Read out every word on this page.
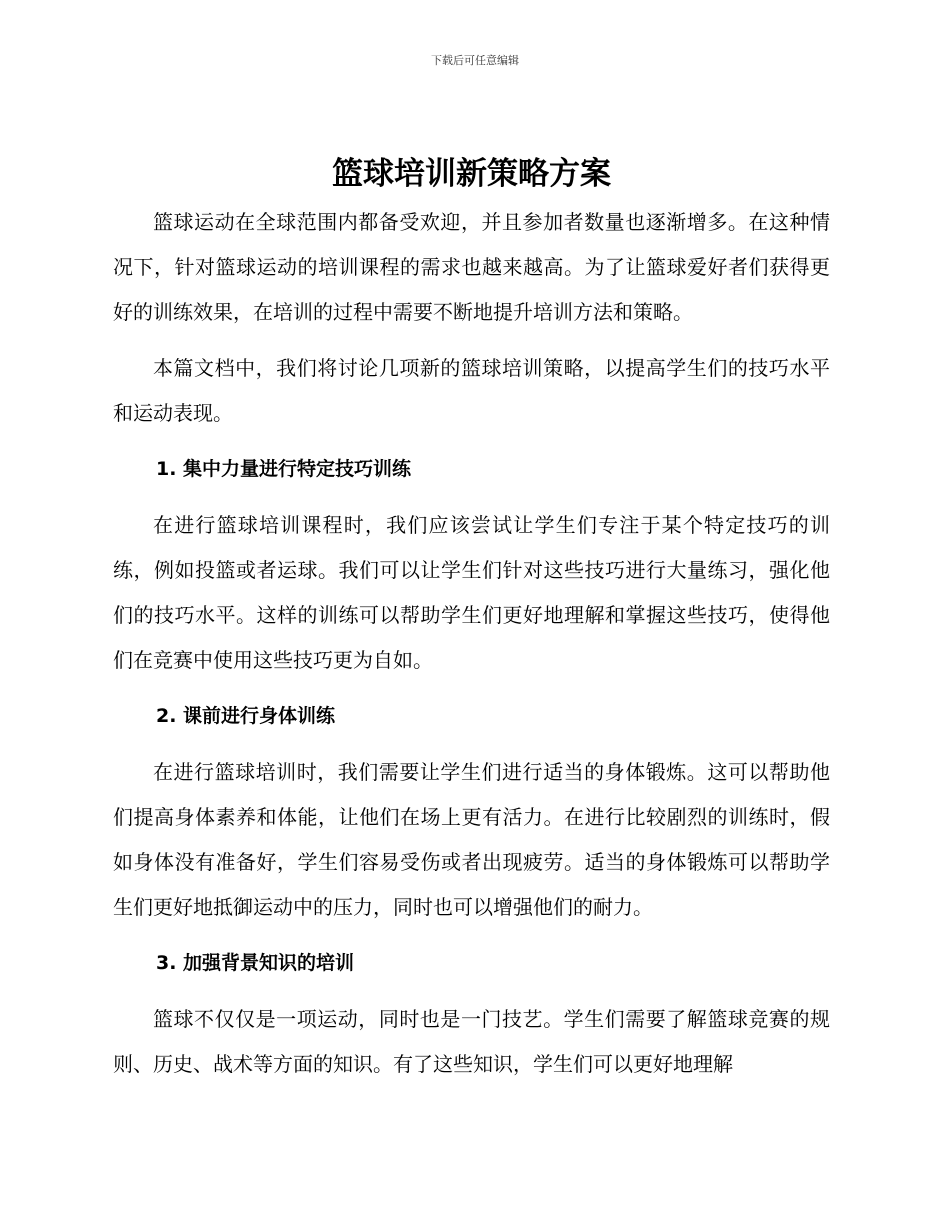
下载后可任意编辑
篮球培训新策略方案

篮球运动在全球范围内都备受欢迎，并且参加者数量也逐渐增多。在这种情况下，针对篮球运动的培训课程的需求也越来越高。为了让篮球爱好者们获得更好的训练效果，在培训的过程中需要不断地提升培训方法和策略。

本篇文档中，我们将讨论几项新的篮球培训策略，以提高学生们的技巧水平和运动表现。

1. 集中力量进行特定技巧训练

在进行篮球培训课程时，我们应该尝试让学生们专注于某个特定技巧的训练，例如投篮或者运球。我们可以让学生们针对这些技巧进行大量练习，强化他们的技巧水平。这样的训练可以帮助学生们更好地理解和掌握这些技巧，使得他们在竞赛中使用这些技巧更为自如。

2. 课前进行身体训练

在进行篮球培训时，我们需要让学生们进行适当的身体锻炼。这可以帮助他们提高身体素养和体能，让他们在场上更有活力。在进行比较剧烈的训练时，假如身体没有准备好，学生们容易受伤或者出现疲劳。适当的身体锻炼可以帮助学生们更好地抵御运动中的压力，同时也可以增强他们的耐力。

3. 加强背景知识的培训

篮球不仅仅是一项运动，同时也是一门技艺。学生们需要了解篮球竞赛的规则、历史、战术等方面的知识。有了这些知识，学生们可以更好地理解
